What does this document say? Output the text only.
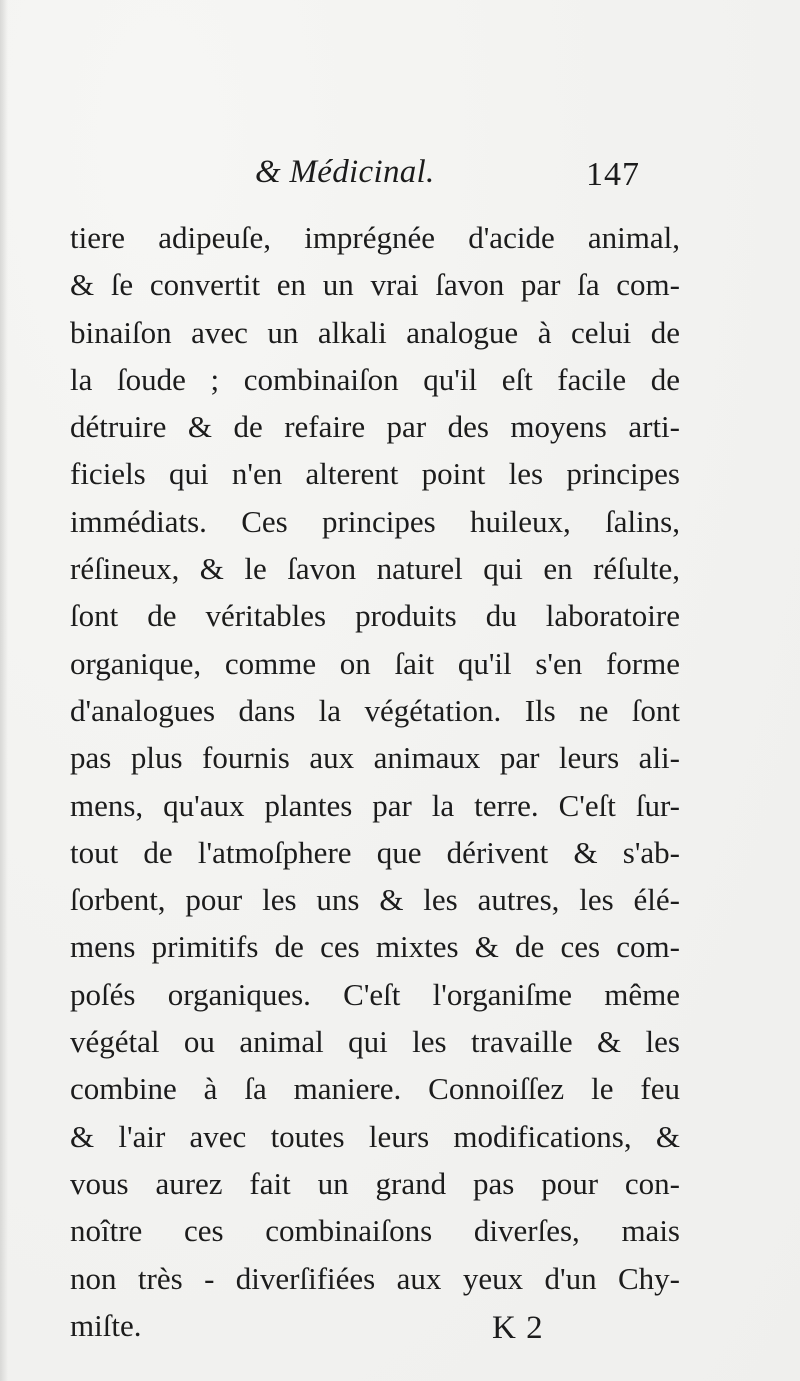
& Médicinal.	147
tiere adipeuſe, imprégnée d'acide animal,
& ſe convertit en un vrai ſavon par ſa com-
binaiſon avec un alkali analogue à celui de
la ſoude ; combinaiſon qu'il eſt facile de
détruire & de refaire par des moyens arti-
ficiels qui n'en alterent point les principes
immédiats. Ces principes huileux, ſalins,
réſineux, & le ſavon naturel qui en réſulte,
ſont de véritables produits du laboratoire
organique, comme on ſait qu'il s'en forme
d'analogues dans la végétation. Ils ne ſont
pas plus fournis aux animaux par leurs ali-
mens, qu'aux plantes par la terre. C'eſt ſur-
tout de l'atmoſphere que dérivent & s'ab-
ſorbent, pour les uns & les autres, les élé-
mens primitifs de ces mixtes & de ces com-
poſés organiques. C'eſt l'organiſme même
végétal ou animal qui les travaille & les
combine à ſa maniere. Connoiſſez le feu
& l'air avec toutes leurs modifications, &
vous aurez fait un grand pas pour con-
noître ces combinaiſons diverſes, mais
non très - diverſifiées aux yeux d'un Chy-
miſte.	K 2
